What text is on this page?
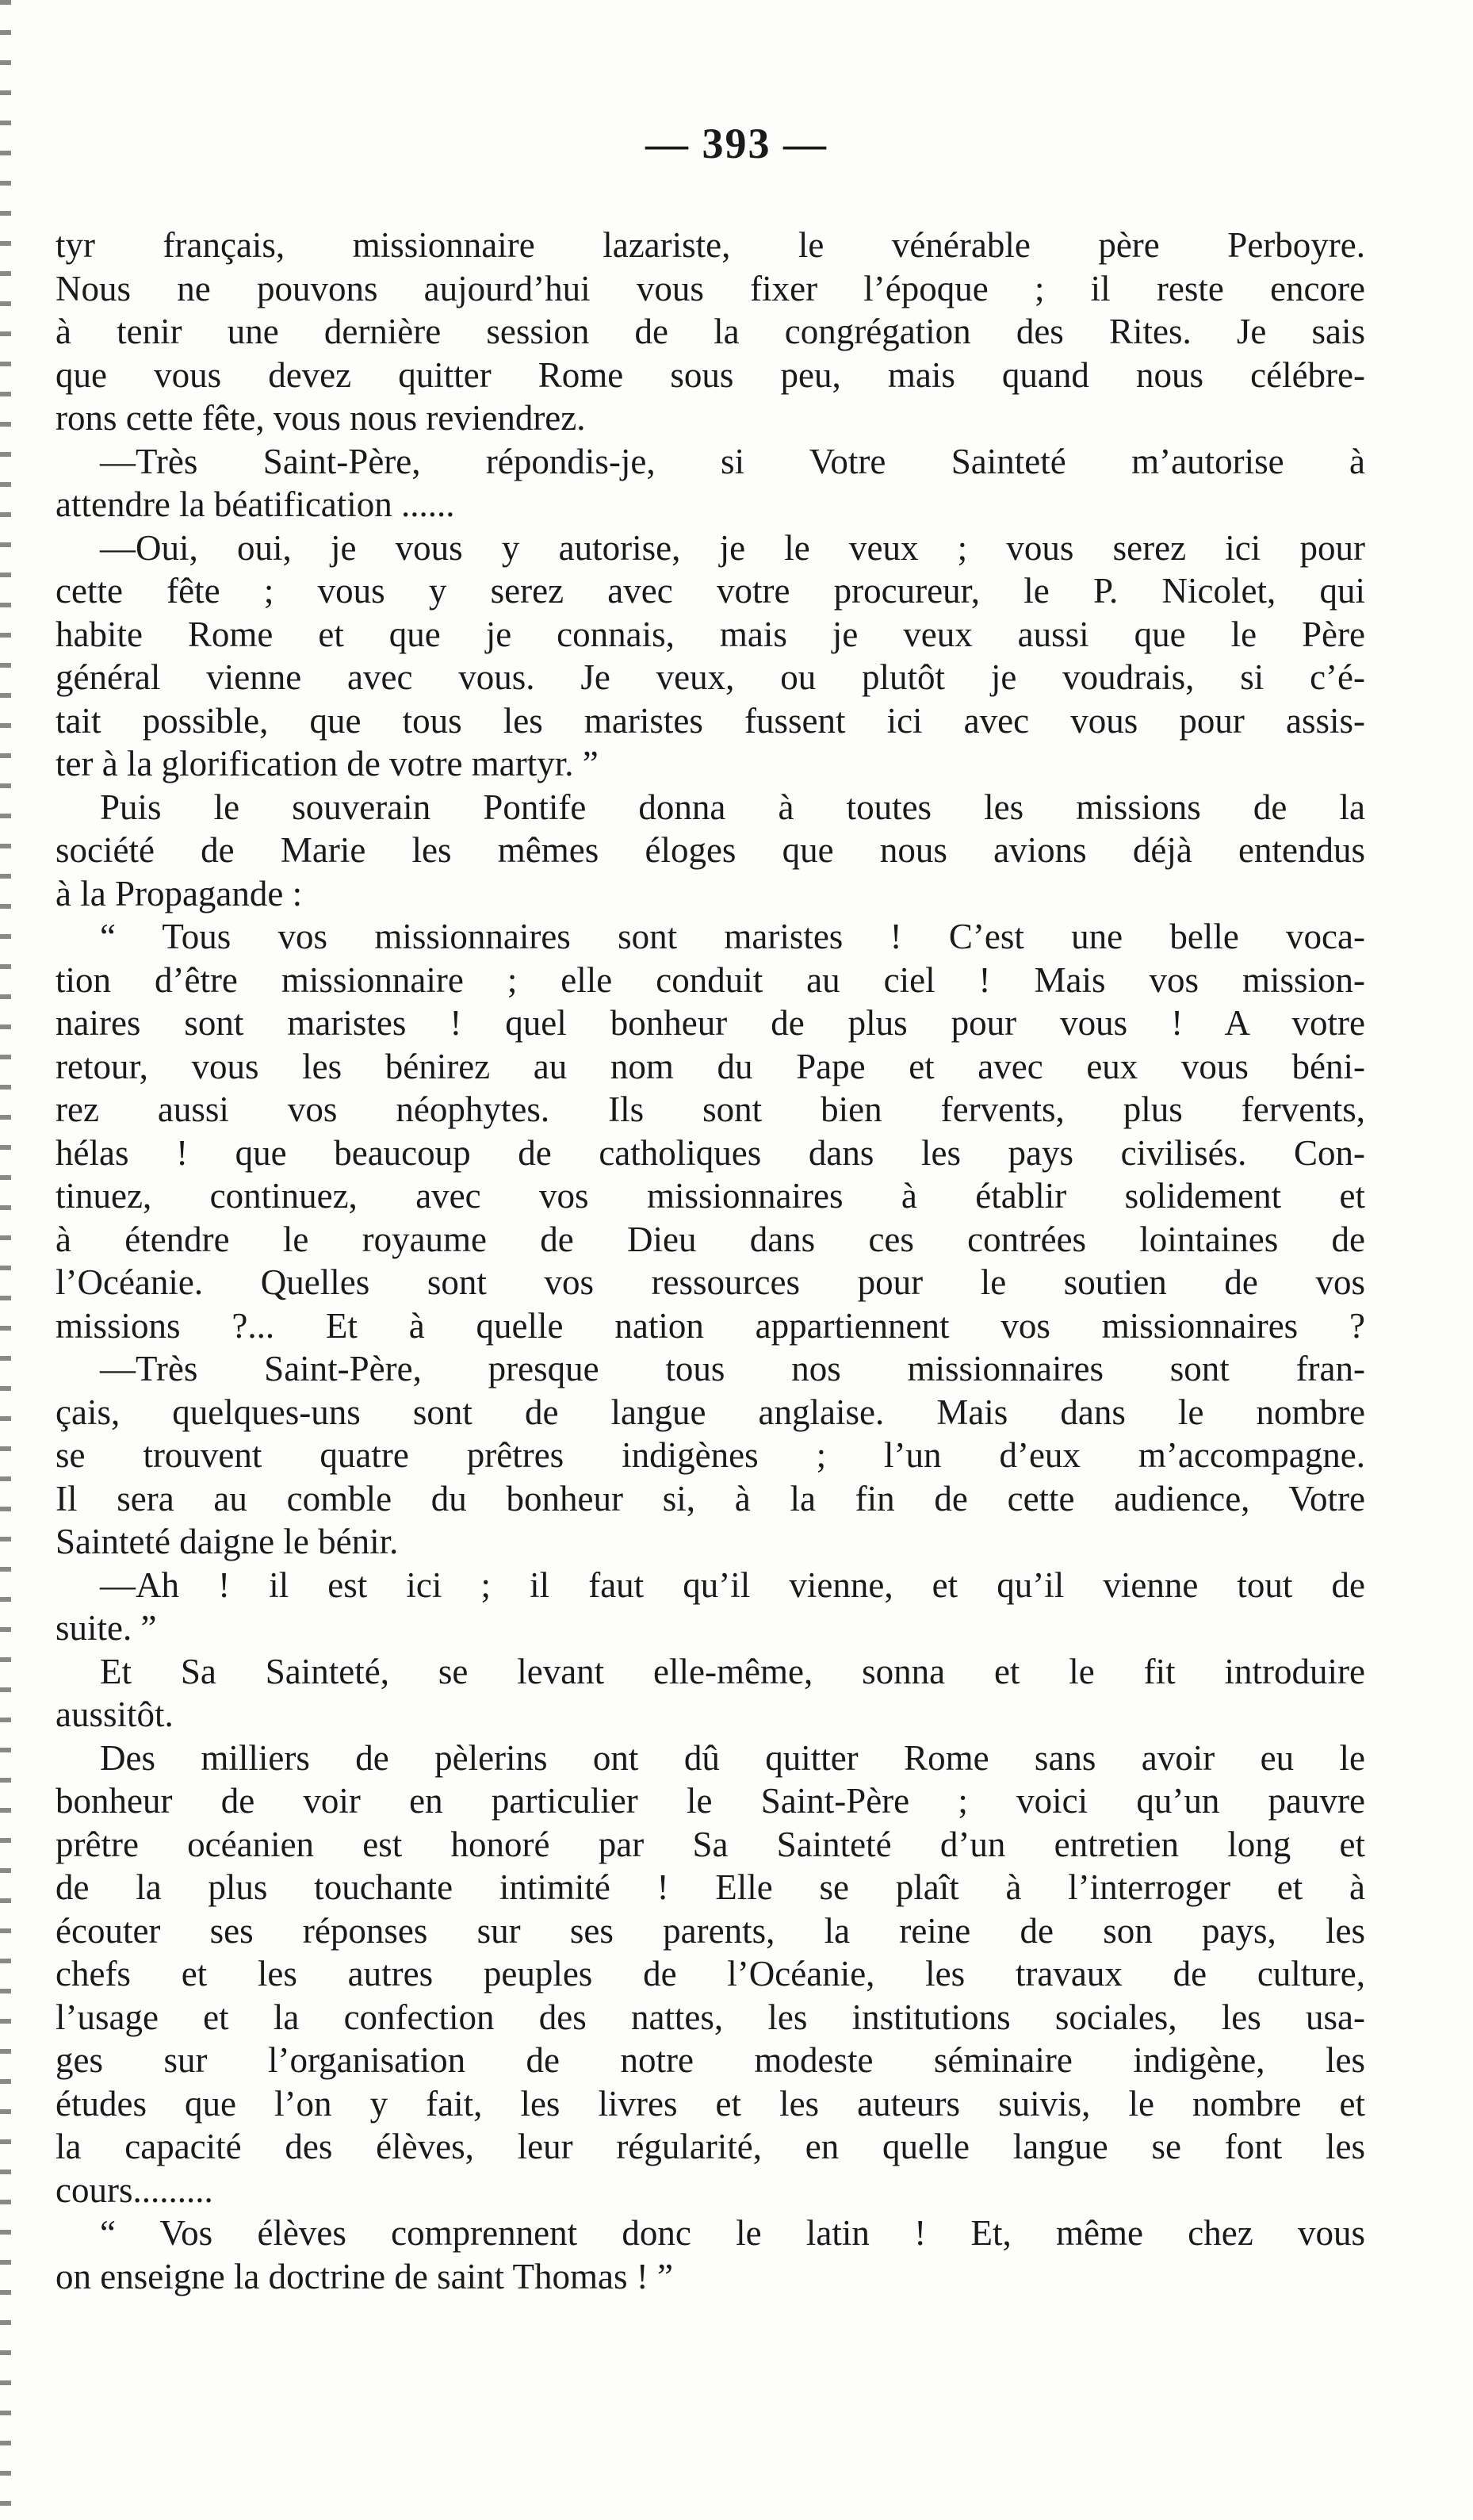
— 393 —
tyr français, missionnaire lazariste, le vénérable père Perboyre.
Nous ne pouvons aujourd’hui vous fixer l’époque ; il reste encore
à tenir une dernière session de la congrégation des Rites. Je sais
que vous devez quitter Rome sous peu, mais quand nous célébre-
rons cette fête, vous nous reviendrez.
—Très Saint-Père, répondis-je, si Votre Sainteté m’autorise à
attendre la béatification ......
—Oui, oui, je vous y autorise, je le veux ; vous serez ici pour
cette fête ; vous y serez avec votre procureur, le P. Nicolet, qui
habite Rome et que je connais, mais je veux aussi que le Père
général vienne avec vous. Je veux, ou plutôt je voudrais, si c’é-
tait possible, que tous les maristes fussent ici avec vous pour assis-
ter à la glorification de votre martyr. ”
Puis le souverain Pontife donna à toutes les missions de la
société de Marie les mêmes éloges que nous avions déjà entendus
à la Propagande :
“ Tous vos missionnaires sont maristes ! C’est une belle voca-
tion d’être missionnaire ; elle conduit au ciel ! Mais vos mission-
naires sont maristes ! quel bonheur de plus pour vous ! A votre
retour, vous les bénirez au nom du Pape et avec eux vous béni-
rez aussi vos néophytes. Ils sont bien fervents, plus fervents,
hélas ! que beaucoup de catholiques dans les pays civilisés. Con-
tinuez, continuez, avec vos missionnaires à établir solidement et
à étendre le royaume de Dieu dans ces contrées lointaines de
l’Océanie. Quelles sont vos ressources pour le soutien de vos
missions ?... Et à quelle nation appartiennent vos missionnaires ?
—Très Saint-Père, presque tous nos missionnaires sont fran-
çais, quelques-uns sont de langue anglaise. Mais dans le nombre
se trouvent quatre prêtres indigènes ; l’un d’eux m’accompagne.
Il sera au comble du bonheur si, à la fin de cette audience, Votre
Sainteté daigne le bénir.
—Ah ! il est ici ; il faut qu’il vienne, et qu’il vienne tout de
suite. ”
Et Sa Sainteté, se levant elle-même, sonna et le fit introduire
aussitôt.
Des milliers de pèlerins ont dû quitter Rome sans avoir eu le
bonheur de voir en particulier le Saint-Père ; voici qu’un pauvre
prêtre océanien est honoré par Sa Sainteté d’un entretien long et
de la plus touchante intimité ! Elle se plaît à l’interroger et à
écouter ses réponses sur ses parents, la reine de son pays, les
chefs et les autres peuples de l’Océanie, les travaux de culture,
l’usage et la confection des nattes, les institutions sociales, les usa-
ges sur l’organisation de notre modeste séminaire indigène, les
études que l’on y fait, les livres et les auteurs suivis, le nombre et
la capacité des élèves, leur régularité, en quelle langue se font les
cours.........
“ Vos élèves comprennent donc le latin ! Et, même chez vous
on enseigne la doctrine de saint Thomas ! ”
